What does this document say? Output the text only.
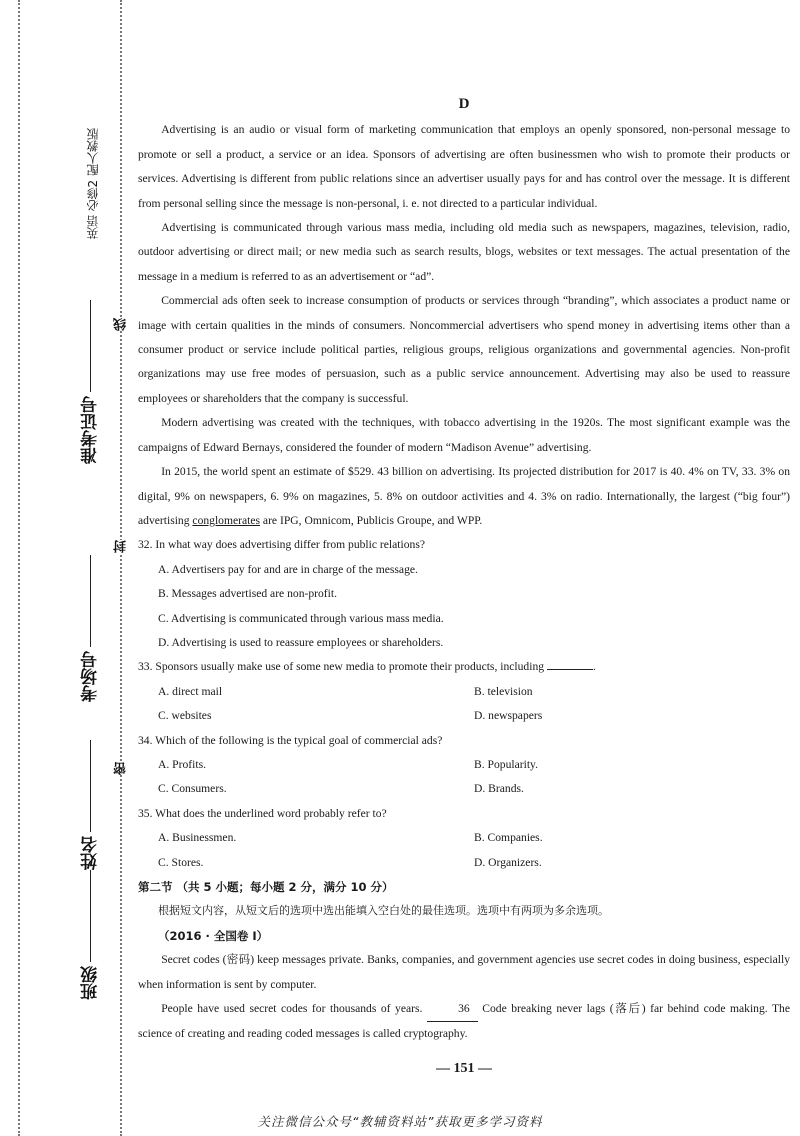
英语 必修2 配人教版
准考证号
考场号
姓名
班级
线
封
密
D

Advertising is an audio or visual form of marketing communication that employs an openly sponsored, non-personal message to promote or sell a product, a service or an idea. Sponsors of advertising are often businessmen who wish to promote their products or services. Advertising is different from public relations since an advertiser usually pays for and has control over the message. It is different from personal selling since the message is non-personal, i. e. not directed to a particular individual.

Advertising is communicated through various mass media, including old media such as newspapers, magazines, television, radio, outdoor advertising or direct mail; or new media such as search results, blogs, websites or text messages. The actual presentation of the message in a medium is referred to as an advertisement or “ad”.

Commercial ads often seek to increase consumption of products or services through “branding”, which associates a product name or image with certain qualities in the minds of consumers. Noncommercial advertisers who spend money in advertising items other than a consumer product or service include political parties, religious groups, religious organizations and governmental agencies. Non-profit organizations may use free modes of persuasion, such as a public service announcement. Advertising may also be used to reassure employees or shareholders that the company is successful.

Modern advertising was created with the techniques, with tobacco advertising in the 1920s. The most significant example was the campaigns of Edward Bernays, considered the founder of modern “Madison Avenue” advertising.

In 2015, the world spent an estimate of $529. 43 billion on advertising. Its projected distribution for 2017 is 40. 4% on TV, 33. 3% on digital, 9% on newspapers, 6. 9% on magazines, 5. 8% on outdoor activities and 4. 3% on radio. Internationally, the largest (“big four”) advertising conglomerates are IPG, Omnicom, Publicis Groupe, and WPP.

32. In what way does advertising differ from public relations?

A. Advertisers pay for and are in charge of the message.

B. Messages advertised are non-profit.

C. Advertising is communicated through various mass media.

D. Advertising is used to reassure employees or shareholders.

33. Sponsors usually make use of some new media to promote their products, including	.

A. direct mail	B. television
C. websites	D. newspapers

34. Which of the following is the typical goal of commercial ads?

A. Profits.	B. Popularity.
C. Consumers.	D. Brands.

35. What does the underlined word probably refer to?

A. Businessmen.	B. Companies.
C. Stores.	D. Organizers.

第二节 （共 5 小题；每小题 2 分，满分 10 分）

根据短文内容，从短文后的选项中选出能填入空白处的最佳选项。选项中有两项为多余选项。

（2016 · 全国卷 I）

Secret codes (密码) keep messages private. Banks, companies, and government agencies use secret codes in doing business, especially when information is sent by computer.

People have used secret codes for thousands of years.	36 Code breaking never lags (落后) far behind code making. The science of creating and reading coded messages is called cryptography.

— 151 —
关注微信公众号“教辅资料站”获取更多学习资料
